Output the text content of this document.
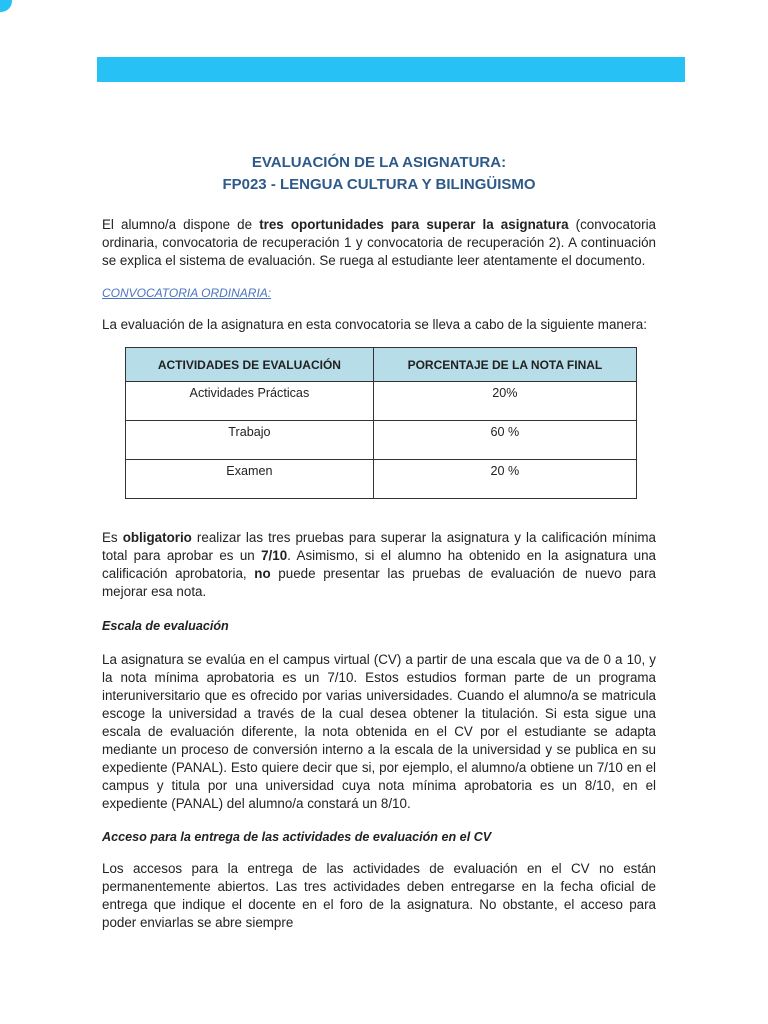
EVALUACIÓN DE LA ASIGNATURA:
FP023 - LENGUA CULTURA Y BILINGÜISMO

El alumno/a dispone de tres oportunidades para superar la asignatura (convocatoria ordinaria, convocatoria de recuperación 1 y convocatoria de recuperación 2). A continuación se explica el sistema de evaluación. Se ruega al estudiante leer atentamente el documento.

CONVOCATORIA ORDINARIA:

La evaluación de la asignatura en esta convocatoria se lleva a cabo de la siguiente manera:

ACTIVIDADES DE EVALUACIÓN	PORCENTAJE DE LA NOTA FINAL
Actividades Prácticas	20%
Trabajo	60 %
Examen	20 %

Es obligatorio realizar las tres pruebas para superar la asignatura y la calificación mínima total para aprobar es un 7/10. Asimismo, si el alumno ha obtenido en la asignatura una calificación aprobatoria, no puede presentar las pruebas de evaluación de nuevo para mejorar esa nota.

Escala de evaluación

La asignatura se evalúa en el campus virtual (CV) a partir de una escala que va de 0 a 10, y la nota mínima aprobatoria es un 7/10. Estos estudios forman parte de un programa interuniversitario que es ofrecido por varias universidades. Cuando el alumno/a se matricula escoge la universidad a través de la cual desea obtener la titulación. Si esta sigue una escala de evaluación diferente, la nota obtenida en el CV por el estudiante se adapta mediante un proceso de conversión interno a la escala de la universidad y se publica en su expediente (PANAL). Esto quiere decir que si, por ejemplo, el alumno/a obtiene un 7/10 en el campus y titula por una universidad cuya nota mínima aprobatoria es un 8/10, en el expediente (PANAL) del alumno/a constará un 8/10.

Acceso para la entrega de las actividades de evaluación en el CV

Los accesos para la entrega de las actividades de evaluación en el CV no están permanentemente abiertos. Las tres actividades deben entregarse en la fecha oficial de entrega que indique el docente en el foro de la asignatura. No obstante, el acceso para poder enviarlas se abre siempre
